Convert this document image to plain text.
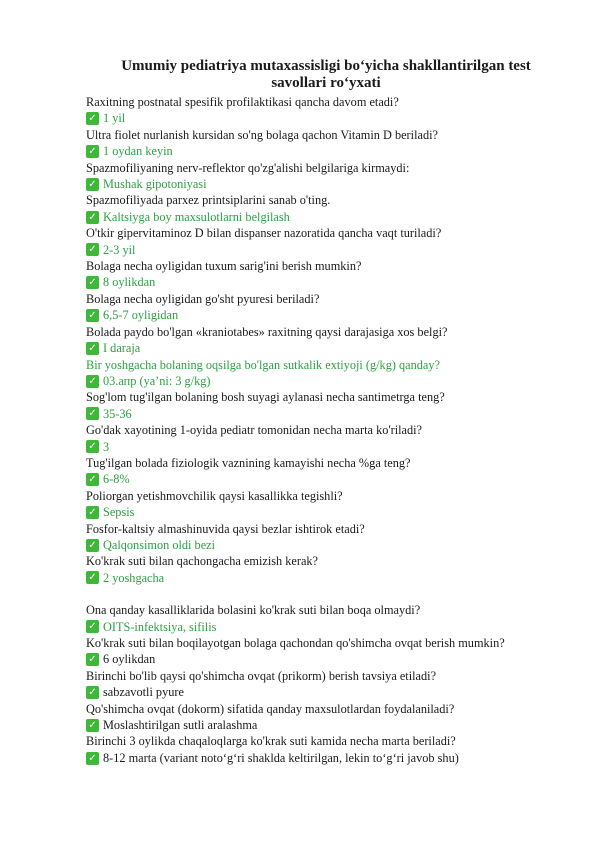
Umumiy pediatriya mutaxassisligi bo‘yicha shakllantirilgan test savollari ro‘yxati

Raxitning postnatal spesifik profilaktikasi qancha davom etadi?

✓ 1 yil

Ultra fiolet nurlanish kursidan so'ng bolaga qachon Vitamin D beriladi?

✓ 1 oydan keyin

Spazmofiliyaning nerv-reflektor qo'zg'alishi belgilariga kirmaydi:

✓ Mushak gipotoniyasi

Spazmofiliyada parxez printsiplarini sanab o'ting.

✓ Kaltsiyga boy maxsulotlarni belgilash

O'tkir gipervitaminoz D bilan dispanser nazoratida qancha vaqt turiladi?

✓ 2-3 yil

Bolaga necha oyligidan tuxum sarig'ini berish mumkin?

✓ 8 oylikdan

Bolaga necha oyligidan go'sht pyuresi beriladi?

✓ 6,5-7 oyligidan

Bolada paydo bo'lgan «kraniotabes» raxitning qaysi darajasiga xos belgi?

✓ I daraja

Bir yoshgacha bolaning oqsilga bo'lgan sutkalik extiyoji (g/kg) qanday?

✓ 03.апр (ya’ni: 3 g/kg)

Sog'lom tug'ilgan bolaning bosh suyagi aylanasi necha santimetrga teng?

✓ 35-36

Go'dak xayotining 1-oyida pediatr tomonidan necha marta ko'riladi?

✓ 3

Tug'ilgan bolada fiziologik vaznining kamayishi necha %ga teng?

✓ 6-8%

Poliorgan yetishmovchilik qaysi kasallikka tegishli?

✓ Sepsis

Fosfor-kaltsiy almashinuvida qaysi bezlar ishtirok etadi?

✓ Qalqonsimon oldi bezi

Ko'krak suti bilan qachongacha emizish kerak?

✓ 2 yoshgacha

Ona qanday kasalliklarida bolasini ko'krak suti bilan boqa olmaydi?

✓ OITS-infektsiya, sifilis

Ko'krak suti bilan boqilayotgan bolaga qachondan qo'shimcha ovqat berish mumkin?

✓ 6 oylikdan

Birinchi bo'lib qaysi qo'shimcha ovqat (prikorm) berish tavsiya etiladi?

✓ sabzavotli pyure

Qo'shimcha ovqat (dokorm) sifatida qanday maxsulotlardan foydalaniladi?

✓ Moslashtirilgan sutli aralashma

Birinchi 3 oylikda chaqaloqlarga ko'krak suti kamida necha marta beriladi?

✓ 8-12 marta (variant noto‘g‘ri shaklda keltirilgan, lekin to‘g‘ri javob shu)
